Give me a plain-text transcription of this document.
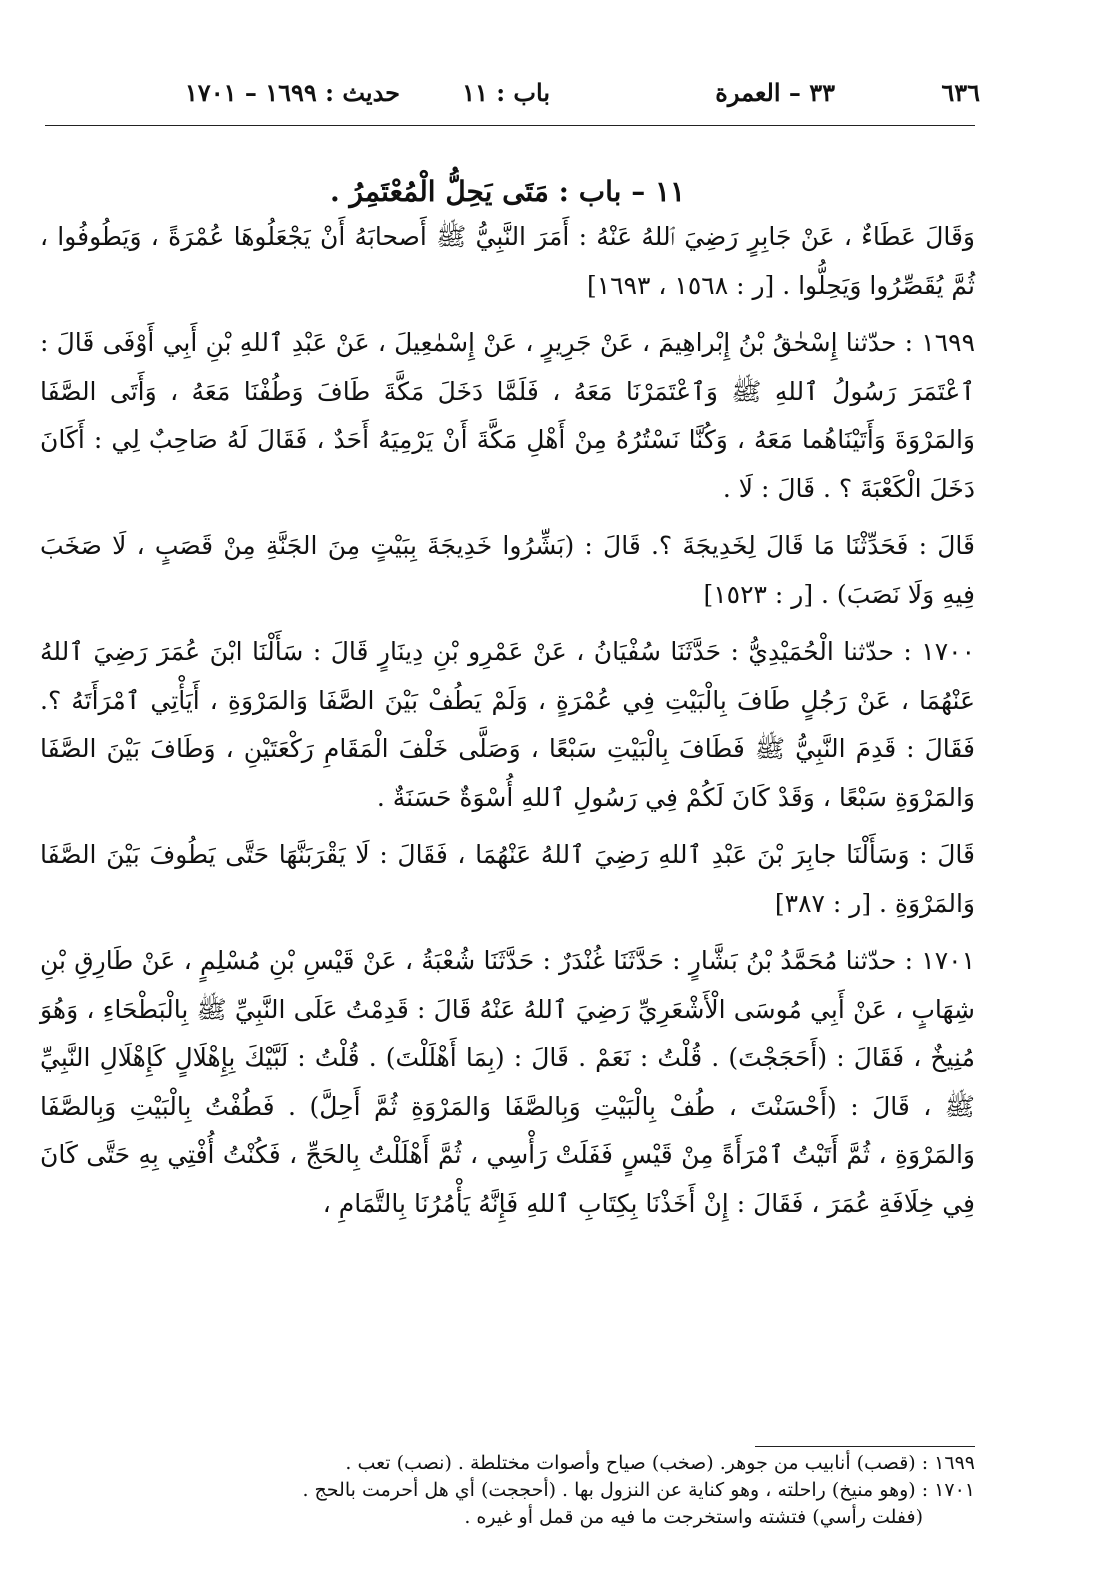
٦٣٦
٣٣ – العمرة
باب : ١١
حديث : ١٦٩٩ – ١٧٠١
١١ – باب : مَتَى يَحِلُّ الْمُعْتَمِرُ .

وَقَالَ عَطَاءٌ ، عَنْ جَابِرٍ رَضِيَ ٱللهُ عَنْهُ : أَمَرَ النَّبِيُّ ﷺ أَصحابَهُ أَنْ يَجْعَلُوهَا عُمْرَةً ، وَيَطُوفُوا ، ثُمَّ يُقَصِّرُوا وَيَحِلُّوا . [ر : ١٥٦٨ ، ١٦٩٣]

١٦٩٩ : حدّثنا إِسْحٰقُ بْنُ إِبْراهِيمَ ، عَنْ جَرِيرٍ ، عَنْ إِسْمٰعِيلَ ، عَنْ عَبْدِ ٱللهِ بْنِ أَبِي أَوْفَى قَالَ : ٱعْتَمَرَ رَسُولُ ٱللهِ ﷺ وَٱعْتَمَرْنَا مَعَهُ ، فَلَمَّا دَخَلَ مَكَّةَ طَافَ وَطُفْنَا مَعَهُ ، وَأَتَى الصَّفَا وَالمَرْوَةَ وَأَتَيْنَاهُما مَعَهُ ، وَكُنَّا نَسْتُرُهُ مِنْ أَهْلِ مَكَّةَ أَنْ يَرْمِيَهُ أَحَدٌ ، فَقَالَ لَهُ صَاحِبٌ لِي : أَكَانَ دَخَلَ الْكَعْبَةَ ؟ . قَالَ : لَا .

قَالَ : فَحَدِّثْنَا مَا قَالَ لِخَدِيجَةَ ؟. قَالَ : (بَشِّرُوا خَدِيجَةَ بِبَيْتٍ مِنَ الجَنَّةِ مِنْ قَصَبٍ ، لَا صَخَبَ فِيهِ وَلَا نَصَبَ) . [ر : ١٥٢٣]

١٧٠٠ : حدّثنا الْحُمَيْدِيُّ : حَدَّثَنَا سُفْيَانُ ، عَنْ عَمْرِو بْنِ دِينَارٍ قَالَ : سَأَلْنَا ابْنَ عُمَرَ رَضِيَ ٱللهُ عَنْهُمَا ، عَنْ رَجُلٍ طَافَ بِالْبَيْتِ فِي عُمْرَةٍ ، وَلَمْ يَطُفْ بَيْنَ الصَّفَا وَالمَرْوَةِ ، أَيَأْتِي ٱمْرَأَتَهُ ؟. فَقَالَ : قَدِمَ النَّبِيُّ ﷺ فَطَافَ بِالْبَيْتِ سَبْعًا ، وَصَلَّى خَلْفَ الْمَقَامِ رَكْعَتَيْنِ ، وَطَافَ بَيْنَ الصَّفَا وَالمَرْوَةِ سَبْعًا ، وَقَدْ كَانَ لَكُمْ فِي رَسُولِ ٱللهِ أُسْوَةٌ حَسَنَةٌ .

قَالَ : وَسَأَلْنَا جابِرَ بْنَ عَبْدِ ٱللهِ رَضِيَ ٱللهُ عَنْهُمَا ، فَقَالَ : لَا يَقْرَبَنَّهَا حَتَّى يَطُوفَ بَيْنَ الصَّفَا وَالمَرْوَةِ . [ر : ٣٨٧]

١٧٠١ : حدّثنا مُحَمَّدُ بْنُ بَشَّارٍ : حَدَّثَنَا غُنْدَرٌ : حَدَّثَنَا شُعْبَةُ ، عَنْ قَيْسِ بْنِ مُسْلِمٍ ، عَنْ طَارِقِ بْنِ شِهَابٍ ، عَنْ أَبِي مُوسَى الْأَشْعَرِيِّ رَضِيَ ٱللهُ عَنْهُ قَالَ : قَدِمْتُ عَلَى النَّبِيِّ ﷺ بِالْبَطْحَاءِ ، وَهُوَ مُنِيخٌ ، فَقَالَ : (أَحَجَجْتَ) . قُلْتُ : نَعَمْ . قَالَ : (بِمَا أَهْلَلْتَ) . قُلْتُ : لَبَّيْكَ بِإِهْلَالٍ كَإِهْلَالِ النَّبِيِّ ﷺ ، قَالَ : (أَحْسَنْتَ ، طُفْ بِالْبَيْتِ وَبِالصَّفَا وَالمَرْوَةِ ثُمَّ أَحِلَّ) . فَطُفْتُ بِالْبَيْتِ وَبِالصَّفَا وَالمَرْوَةِ ، ثُمَّ أَتَيْتُ ٱمْرَأَةً مِنْ قَيْسٍ فَفَلَتْ رَأْسِي ، ثُمَّ أَهْلَلْتُ بِالحَجِّ ، فَكُنْتُ أُفْتِي بِهِ حَتَّى كَانَ فِي خِلَافَةِ عُمَرَ ، فَقَالَ : إِنْ أَخَذْنَا بِكِتَابِ ٱللهِ فَإِنَّهُ يَأْمُرُنَا بِالتَّمَامِ ،

١٦٩٩ : (قصب) أنابيب من جوهر. (صخب) صياح وأصوات مختلطة . (نصب) تعب .

١٧٠١ : (وهو منيخ) راحلته ، وهو كناية عن النزول بها . (أحججت) أي هل أحرمت بالحج .

(ففلت رأسي) فتشته واستخرجت ما فيه من قمل أو غيره .
